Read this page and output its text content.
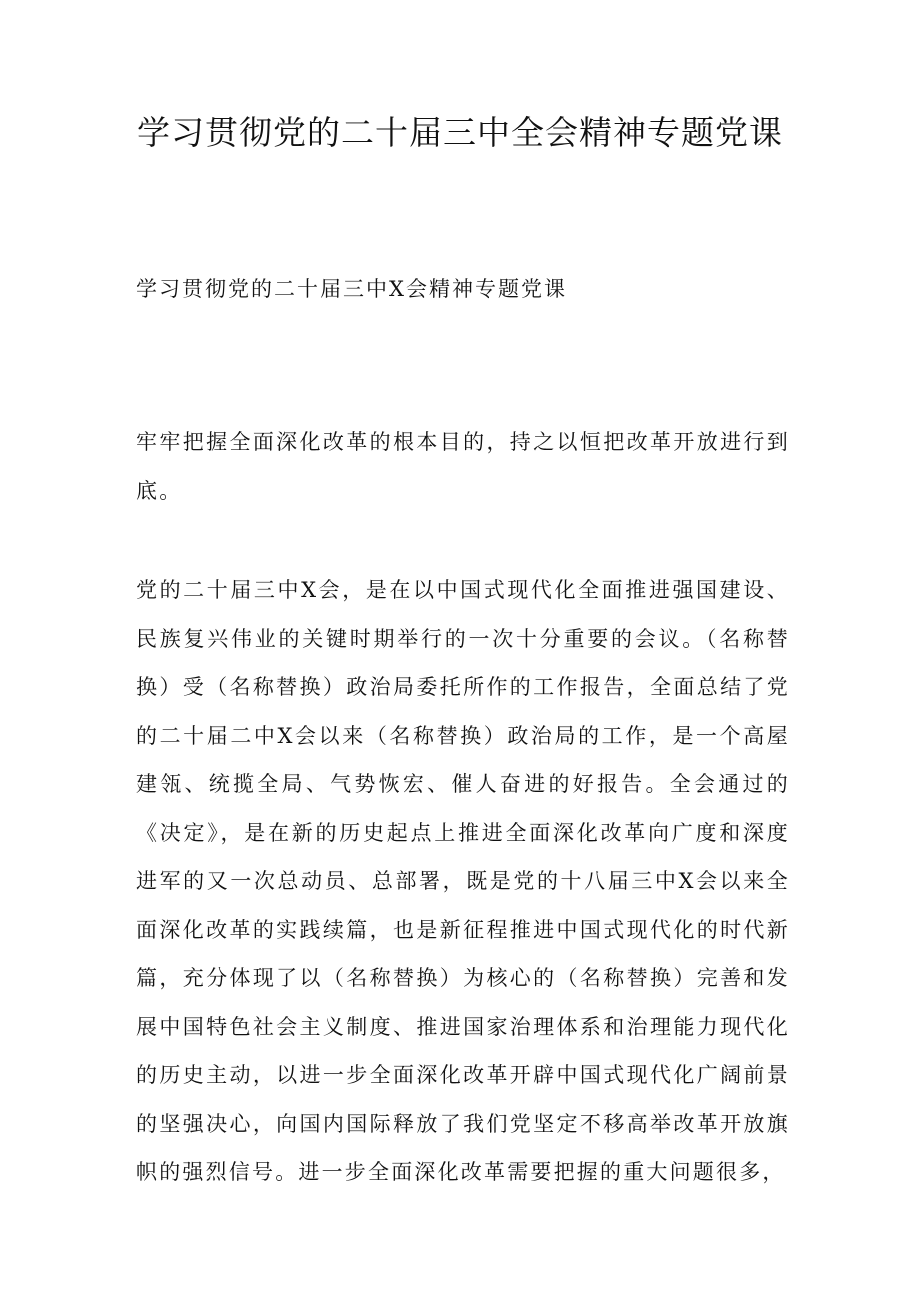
学习贯彻党的二十届三中全会精神专题党课

学习贯彻党的二十届三中X会精神专题党课

牢牢把握全面深化改革的根本目的，持之以恒把改革开放进行到底。

党的二十届三中X会，是在以中国式现代化全面推进强国建设、民族复兴伟业的关键时期举行的一次十分重要的会议。（名称替换）受（名称替换）政治局委托所作的工作报告，全面总结了党的二十届二中X会以来（名称替换）政治局的工作，是一个高屋建瓴、统揽全局、气势恢宏、催人奋进的好报告。全会通过的《决定》，是在新的历史起点上推进全面深化改革向广度和深度进军的又一次总动员、总部署，既是党的十八届三中X会以来全面深化改革的实践续篇，也是新征程推进中国式现代化的时代新篇，充分体现了以（名称替换）为核心的（名称替换）完善和发展中国特色社会主义制度、推进国家治理体系和治理能力现代化的历史主动，以进一步全面深化改革开辟中国式现代化广阔前景的坚强决心，向国内国际释放了我们党坚定不移高举改革开放旗帜的强烈信号。进一步全面深化改革需要把握的重大问题很多，
